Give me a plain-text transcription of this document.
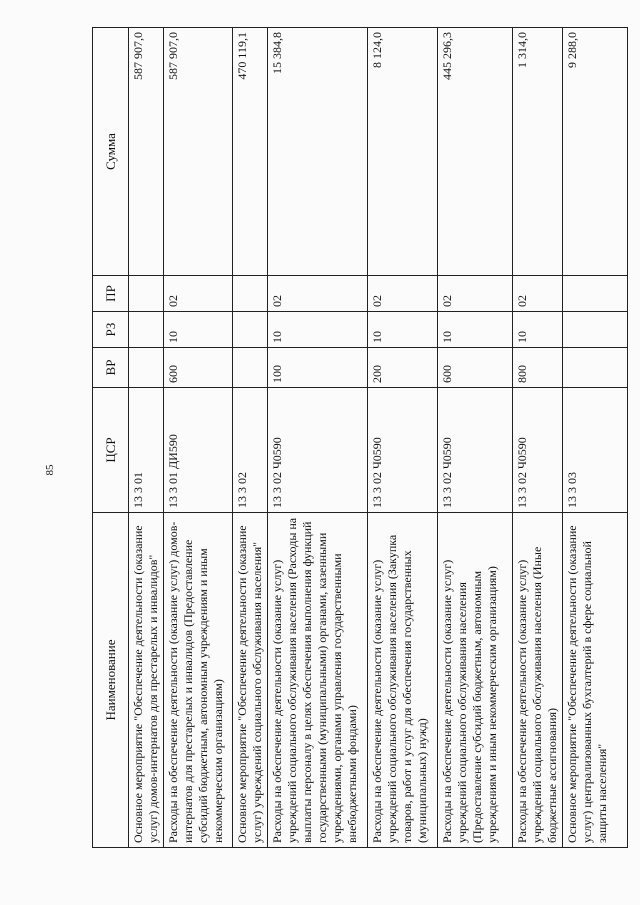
85
Наименование	ЦСР	ВР	РЗ	ПР	Сумма
Основное мероприятие "Обеспечение деятельности (оказание услуг) домов-интернатов для престарелых и инвалидов"	13 3 01				587 907,0
Расходы на обеспечение деятельности (оказание услуг) домов-интернатов для престарелых и инвалидов (Предоставление субсидий бюджетным, автономным учреждениям и иным некоммерческим организациям)	13 3 01 ДИ590	600	10	02	587 907,0
Основное мероприятие "Обеспечение деятельности (оказание услуг) учреждений социального обслуживания населения"	13 3 02				470 119,1
Расходы на обеспечение деятельности (оказание услуг) учреждений социального обслуживания населения (Расходы на выплаты персоналу в целях обеспечения выполнения функций государственными (муниципальными) органами, казенными учреждениями, органами управления государственными внебюджетными фондами)	13 3 02 Ч0590	100	10	02	15 384,8
Расходы на обеспечение деятельности (оказание услуг) учреждений социального обслуживания населения (Закупка товаров, работ и услуг для обеспечения государственных (муниципальных) нужд)	13 3 02 Ч0590	200	10	02	8 124,0
Расходы на обеспечение деятельности (оказание услуг) учреждений социального обслуживания населения (Предоставление субсидий бюджетным, автономным учреждениям и иным некоммерческим организациям)	13 3 02 Ч0590	600	10	02	445 296,3
Расходы на обеспечение деятельности (оказание услуг) учреждений социального обслуживания населения (Иные бюджетные ассигнования)	13 3 02 Ч0590	800	10	02	1 314,0
Основное мероприятие "Обеспечение деятельности (оказание услуг) централизованных бухгалтерий в сфере социальной защиты населения"	13 3 03				9 288,0
